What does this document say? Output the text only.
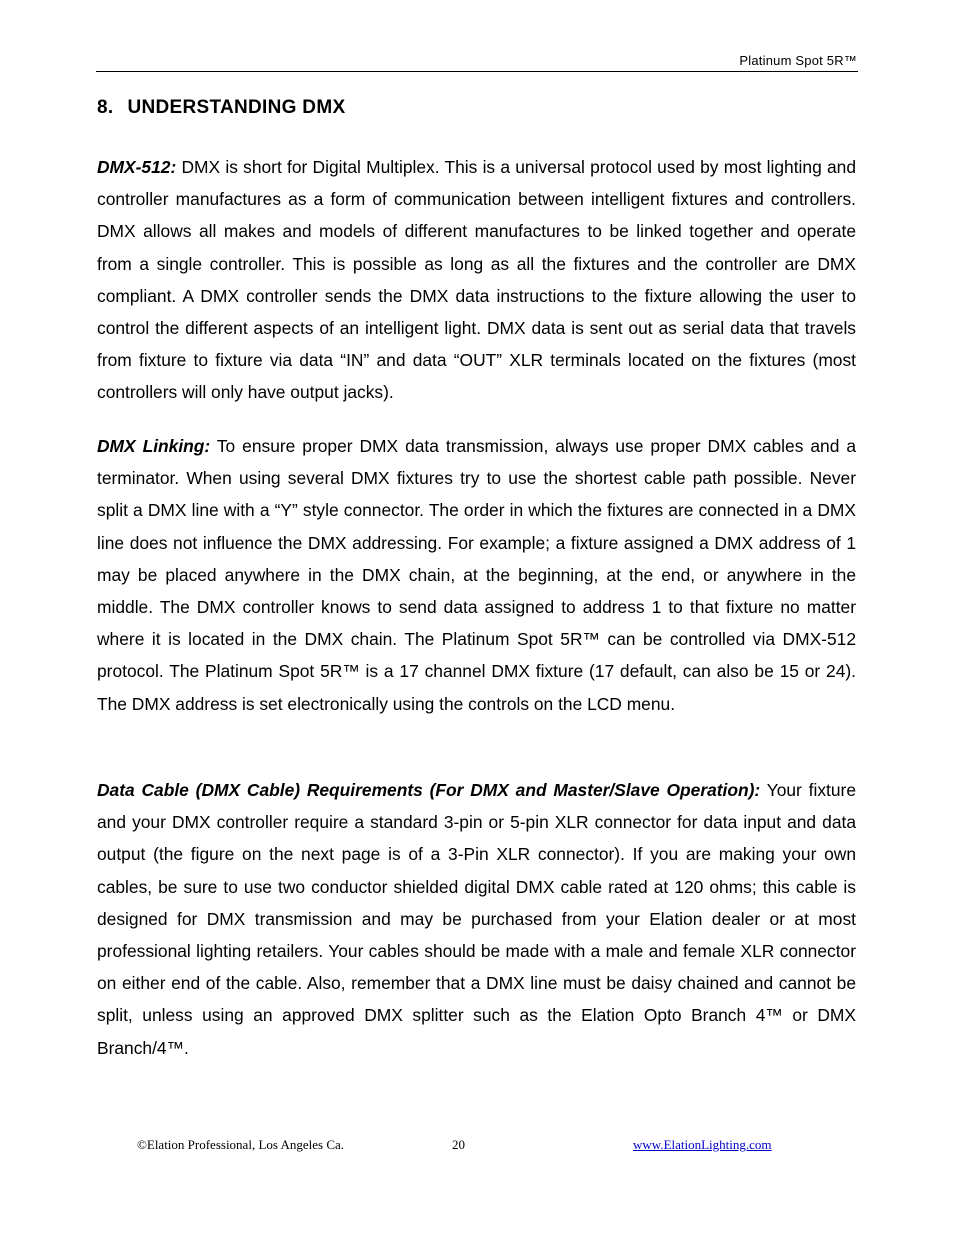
Platinum Spot 5R™
8. UNDERSTANDING DMX

DMX-512: DMX is short for Digital Multiplex. This is a universal protocol used by most lighting and controller manufactures as a form of communication between intelligent fixtures and controllers. DMX allows all makes and models of different manufactures to be linked together and operate from a single controller. This is possible as long as all the fixtures and the controller are DMX compliant. A DMX controller sends the DMX data instructions to the fixture allowing the user to control the different aspects of an intelligent light. DMX data is sent out as serial data that travels from fixture to fixture via data “IN” and data “OUT” XLR terminals located on the fixtures (most controllers will only have output jacks).

DMX Linking: To ensure proper DMX data transmission, always use proper DMX cables and a terminator. When using several DMX fixtures try to use the shortest cable path possible. Never split a DMX line with a “Y” style connector. The order in which the fixtures are connected in a DMX line does not influence the DMX addressing. For example; a fixture assigned a DMX address of 1 may be placed anywhere in the DMX chain, at the beginning, at the end, or anywhere in the middle. The DMX controller knows to send data assigned to address 1 to that fixture no matter where it is located in the DMX chain. The Platinum Spot 5R™ can be controlled via DMX-512 protocol. The Platinum Spot 5R™ is a 17 channel DMX fixture (17 default, can also be 15 or 24). The DMX address is set electronically using the controls on the LCD menu.

Data Cable (DMX Cable) Requirements (For DMX and Master/Slave Operation): Your fixture and your DMX controller require a standard 3-pin or 5-pin XLR connector for data input and data output (the figure on the next page is of a 3-Pin XLR connector). If you are making your own cables, be sure to use two conductor shielded digital DMX cable rated at 120 ohms; this cable is designed for DMX transmission and may be purchased from your Elation dealer or at most professional lighting retailers. Your cables should be made with a male and female XLR connector on either end of the cable. Also, remember that a DMX line must be daisy chained and cannot be split, unless using an approved DMX splitter such as the Elation Opto Branch 4™ or DMX Branch/4™.

©Elation Professional, Los Angeles Ca.	20	www.ElationLighting.com
